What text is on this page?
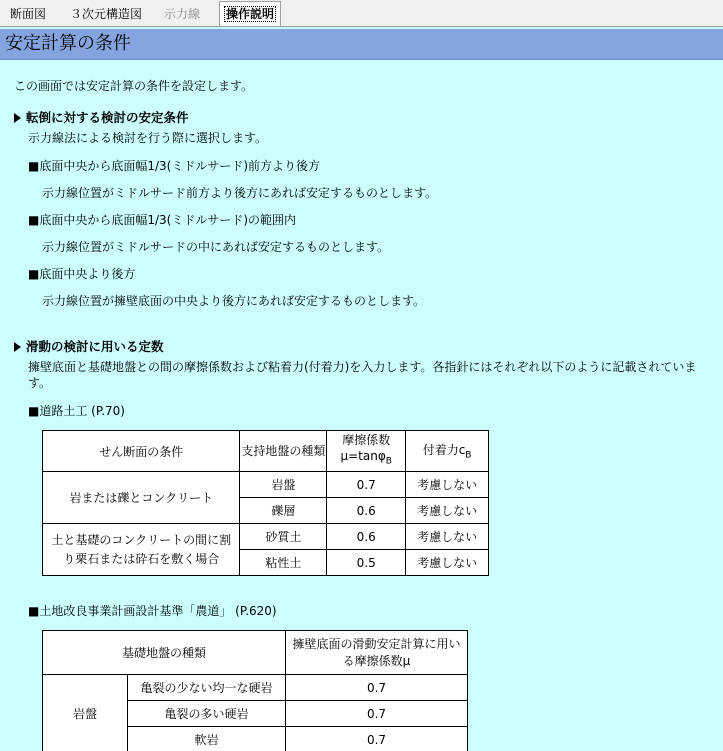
断面図	３次元構造図	示力線	操作説明
安定計算の条件
この画面では安定計算の条件を設定します。
転倒に対する検討の安定条件
示力線法による検討を行う際に選択します。
■底面中央から底面幅1/3(ミドルサード)前方より後方
示力線位置がミドルサード前方より後方にあれば安定するものとします。
■底面中央から底面幅1/3(ミドルサード)の範囲内
示力線位置がミドルサードの中にあれば安定するものとします。
■底面中央より後方
示力線位置が擁壁底面の中央より後方にあれば安定するものとします。
滑動の検討に用いる定数
擁壁底面と基礎地盤との間の摩擦係数および粘着力(付着力)を入力します。各指針にはそれぞれ以下のように記載されています。
■道路土工 (P.70)
せん断面の条件	支持地盤の種類	摩擦係数μ=tanφ$_B$	付着力$c_B$
岩または礫とコンクリート	岩盤	0.7	考慮しない
	礫層	0.6	考慮しない
土と基礎のコンクリートの間に割り栗石または砕石を敷く場合	砂質土	0.6	考慮しない
	粘性土	0.5	考慮しない
■土地改良事業計画設計基準「農道」 (P.620)
基礎地盤の種類		擁壁底面の滑動安定計算に用いる摩擦係数μ
岩盤	亀裂の少ない均一な硬岩	0.7
	亀裂の多い硬岩	0.7
	軟岩	0.7
